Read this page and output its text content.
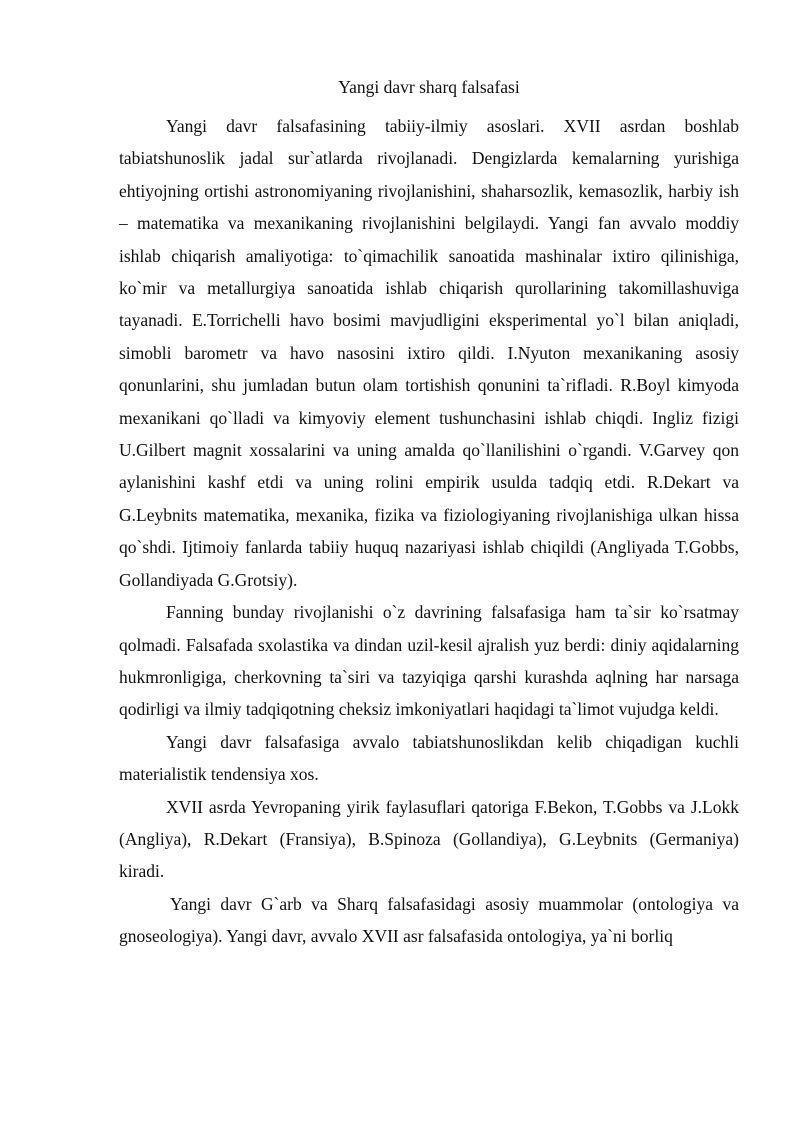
Yangi davr sharq falsafasi

Yangi davr falsafasining tabiiy-ilmiy asoslari. XVII asrdan boshlab tabiatshunoslik jadal sur`atlarda rivojlanadi. Dengizlarda kemalarning yurishiga ehtiyojning ortishi astronomiyaning rivojlanishini, shaharsozlik, kemasozlik, harbiy ish – matematika va mexanikaning rivojlanishini belgilaydi. Yangi fan avvalo moddiy ishlab chiqarish amaliyotiga: to`qimachilik sanoatida mashinalar ixtiro qilinishiga, ko`mir va metallurgiya sanoatida ishlab chiqarish qurollarining takomillashuviga tayanadi. E.Torrichelli havo bosimi mavjudligini eksperimental yo`l bilan aniqladi, simobli barometr va havo nasosini ixtiro qildi. I.Nyuton mexanikaning asosiy qonunlarini, shu jumladan butun olam tortishish qonunini ta`rifladi. R.Boyl kimyoda mexanikani qo`lladi va kimyoviy element tushunchasini ishlab chiqdi. Ingliz fizigi U.Gilbert magnit xossalarini va uning amalda qo`llanilishini o`rgandi. V.Garvey qon aylanishini kashf etdi va uning rolini empirik usulda tadqiq etdi. R.Dekart va G.Leybnits matematika, mexanika, fizika va fiziologiyaning rivojlanishiga ulkan hissa qo`shdi. Ijtimoiy fanlarda tabiiy huquq nazariyasi ishlab chiqildi (Angliyada T.Gobbs, Gollandiyada G.Grotsiy).

Fanning bunday rivojlanishi o`z davrining falsafasiga ham ta`sir ko`rsatmay qolmadi. Falsafada sxolastika va dindan uzil-kesil ajralish yuz berdi: diniy aqidalarning hukmronligiga, cherkovning ta`siri va tazyiqiga qarshi kurashda aqlning har narsaga qodirligi va ilmiy tadqiqotning cheksiz imkoniyatlari haqidagi ta`limot vujudga keldi.

Yangi davr falsafasiga avvalo tabiatshunoslikdan kelib chiqadigan kuchli materialistik tendensiya xos.

XVII asrda Yevropaning yirik faylasuflari qatoriga F.Bekon, T.Gobbs va J.Lokk (Angliya), R.Dekart (Fransiya), B.Spinoza (Gollandiya), G.Leybnits (Germaniya) kiradi.

Yangi davr G`arb va Sharq falsafasidagi asosiy muammolar (ontologiya va gnoseologiya). Yangi davr, avvalo XVII asr falsafasida ontologiya, ya`ni borliq
